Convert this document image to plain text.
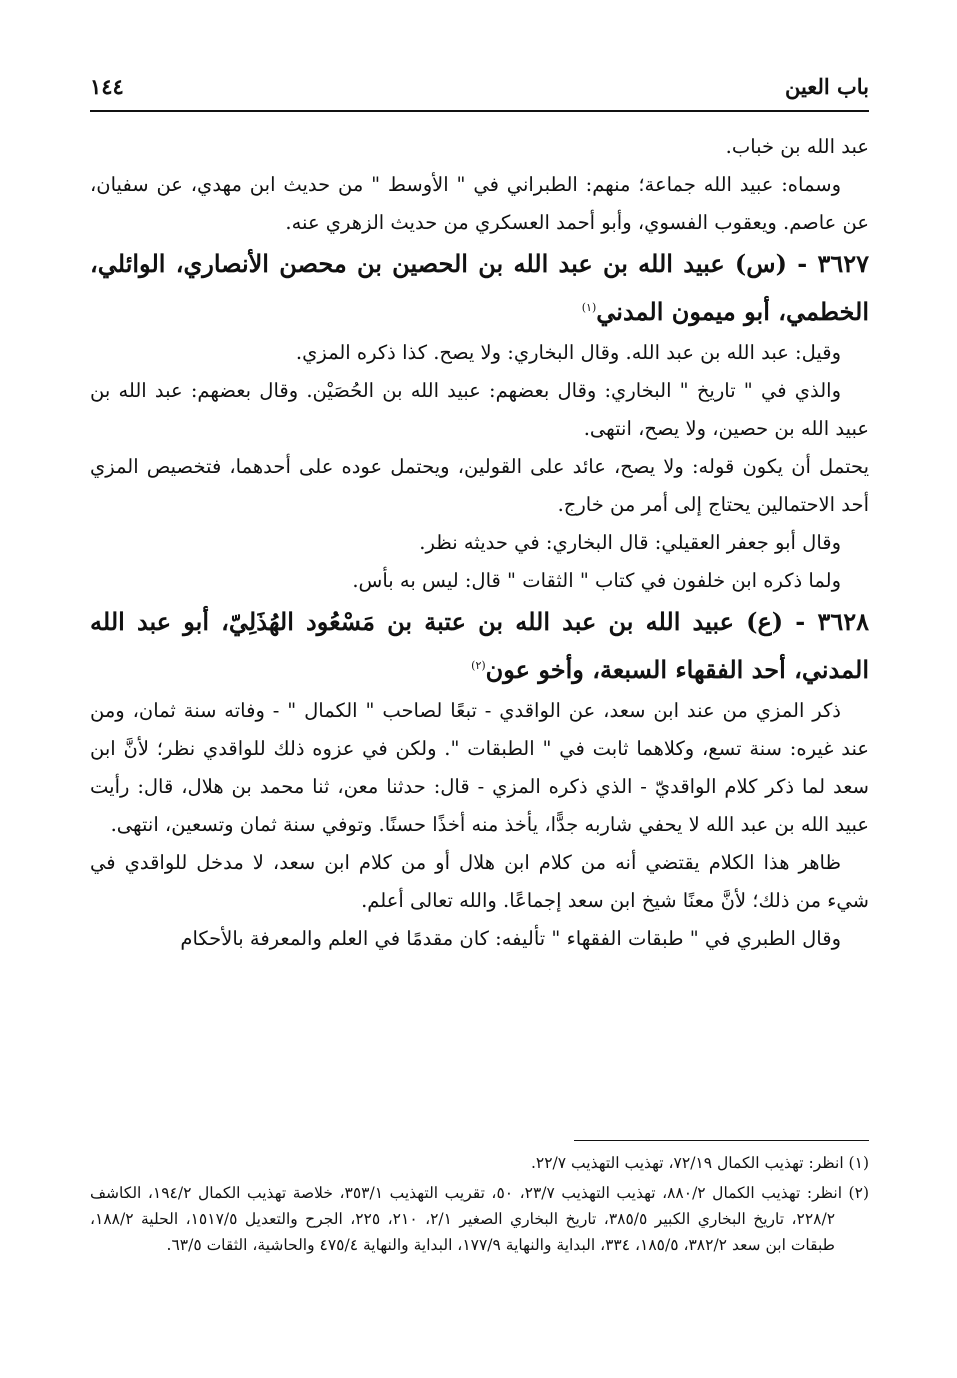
باب العين
١٤٤

عبد الله بن خباب.

وسماه: عبيد الله جماعة؛ منهم: الطبراني في " الأوسط " من حديث ابن مهدي، عن سفيان، عن عاصم. ويعقوب الفسوي، وأبو أحمد العسكري من حديث الزهري عنه.

٣٦٢٧ - (س) عبيد الله بن عبد الله بن الحصين بن محصن الأنصاري، الوائلي، الخطمي، أبو ميمون المدني$^{(١)}$

وقيل: عبد الله بن عبد الله. وقال البخاري: ولا يصح. كذا ذكره المزي.

والذي في " تاريخ " البخاري: وقال بعضهم: عبيد الله بن الحُصَيْن. وقال بعضهم: عبد الله بن عبيد الله بن حصين، ولا يصح، انتهى.

يحتمل أن يكون قوله: ولا يصح، عائد على القولين، ويحتمل عوده على أحدهما، فتخصيص المزي أحد الاحتمالين يحتاج إلى أمر من خارج.

وقال أبو جعفر العقيلي: قال البخاري: في حديثه نظر.

ولما ذكره ابن خلفون في كتاب " الثقات " قال: ليس به بأس.

٣٦٢٨ - (ع) عبيد الله بن عبد الله بن عتبة بن مَسْعُود الهُذَلِيّ، أبو عبد الله المدني، أحد الفقهاء السبعة، وأخو عون$^{(٢)}$

ذكر المزي من عند ابن سعد، عن الواقدي - تبعًا لصاحب " الكمال " - وفاته سنة ثمان، ومن عند غيره: سنة تسع، وكلاهما ثابت في " الطبقات ". ولكن في عزوه ذلك للواقدي نظر؛ لأنَّ ابن سعد لما ذكر كلام الواقديّ - الذي ذكره المزي - قال: حدثنا معن، ثنا محمد بن هلال، قال: رأيت عبيد الله بن عبد الله لا يحفي شاربه جدًّا، يأخذ منه أخذًا حسنًا. وتوفي سنة ثمان وتسعين، انتهى.

ظاهر هذا الكلام يقتضي أنه من كلام ابن هلال أو من كلام ابن سعد، لا مدخل للواقدي في شيء من ذلك؛ لأنَّ معنًا شيخ ابن سعد إجماعًا. والله تعالى أعلم.

وقال الطبري في " طبقات الفقهاء " تأليفه: كان مقدمًا في العلم والمعرفة بالأحكام

(١) انظر: تهذيب الكمال ٧٢/١٩، تهذيب التهذيب ٢٢/٧.

(٢) انظر: تهذيب الكمال ٨٨٠/٢، تهذيب التهذيب ٢٣/٧، ٥٠، تقريب التهذيب ٣٥٣/١، خلاصة تهذيب الكمال ١٩٤/٢، الكاشف ٢٢٨/٢، تاريخ البخاري الكبير ٣٨٥/٥، تاريخ البخاري الصغير ٢/١، ٢١٠، ٢٢٥، الجرح والتعديل ١٥١٧/٥، الحلية ١٨٨/٢، طبقات ابن سعد ٣٨٢/٢، ١٨٥/٥، ٣٣٤، البداية والنهاية ١٧٧/٩، البداية والنهاية ٤٧٥/٤ والحاشية، الثقات ٦٣/٥.
